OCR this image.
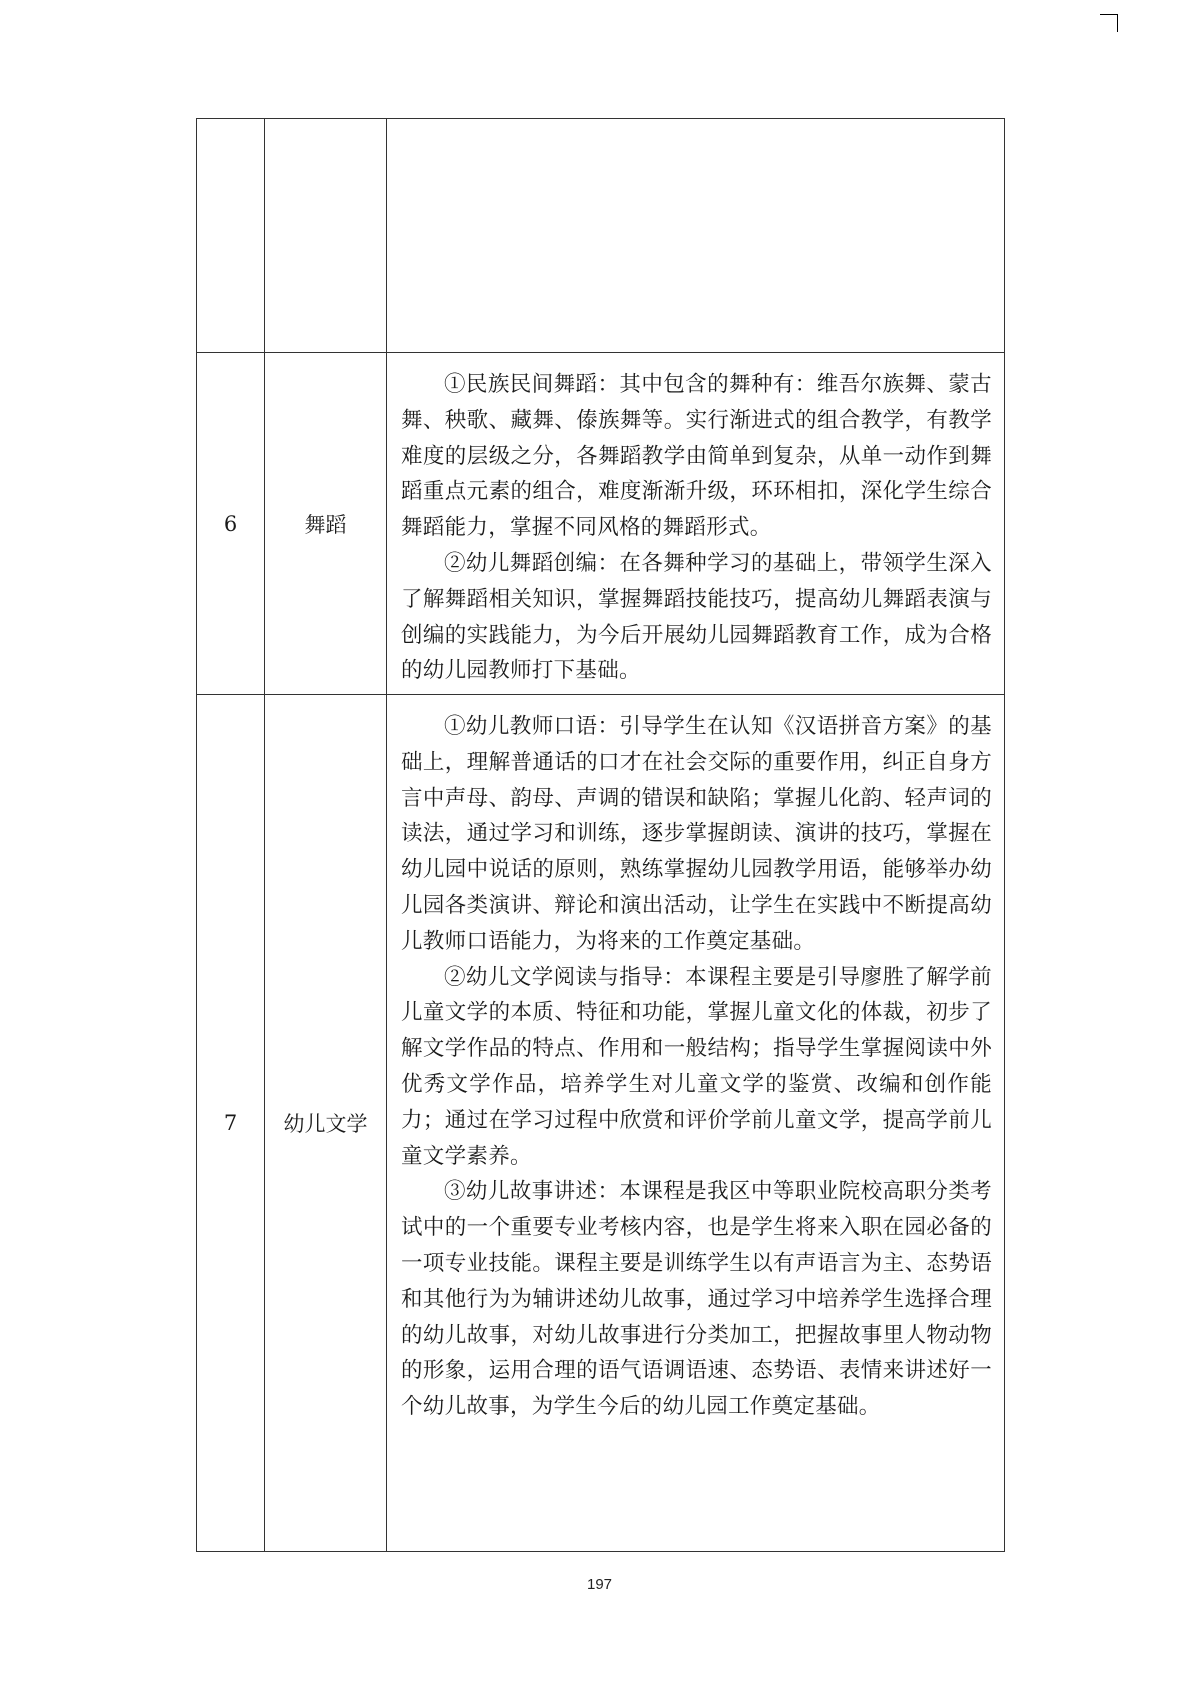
6	舞蹈	①民族民间舞蹈：其中包含的舞种有：维吾尔族舞、蒙古舞、秧歌、藏舞、傣族舞等。实行渐进式的组合教学，有教学难度的层级之分，各舞蹈教学由简单到复杂，从单一动作到舞蹈重点元素的组合，难度渐渐升级，环环相扣，深化学生综合舞蹈能力，掌握不同风格的舞蹈形式。

②幼儿舞蹈创编：在各舞种学习的基础上，带领学生深入了解舞蹈相关知识，掌握舞蹈技能技巧，提高幼儿舞蹈表演与创编的实践能力，为今后开展幼儿园舞蹈教育工作，成为合格的幼儿园教师打下基础。

7	幼儿文学	①幼儿教师口语：引导学生在认知《汉语拼音方案》的基础上，理解普通话的口才在社会交际的重要作用，纠正自身方言中声母、韵母、声调的错误和缺陷；掌握儿化韵、轻声词的读法，通过学习和训练，逐步掌握朗读、演讲的技巧，掌握在幼儿园中说话的原则，熟练掌握幼儿园教学用语，能够举办幼儿园各类演讲、辩论和演出活动，让学生在实践中不断提高幼儿教师口语能力，为将来的工作奠定基础。

②幼儿文学阅读与指导：本课程主要是引导廖胜了解学前儿童文学的本质、特征和功能，掌握儿童文化的体裁，初步了解文学作品的特点、作用和一般结构；指导学生掌握阅读中外优秀文学作品，培养学生对儿童文学的鉴赏、改编和创作能力；通过在学习过程中欣赏和评价学前儿童文学，提高学前儿童文学素养。

③幼儿故事讲述：本课程是我区中等职业院校高职分类考试中的一个重要专业考核内容，也是学生将来入职在园必备的一项专业技能。课程主要是训练学生以有声语言为主、态势语和其他行为为辅讲述幼儿故事，通过学习中培养学生选择合理的幼儿故事，对幼儿故事进行分类加工，把握故事里人物动物的形象，运用合理的语气语调语速、态势语、表情来讲述好一个幼儿故事，为学生今后的幼儿园工作奠定基础。

197
